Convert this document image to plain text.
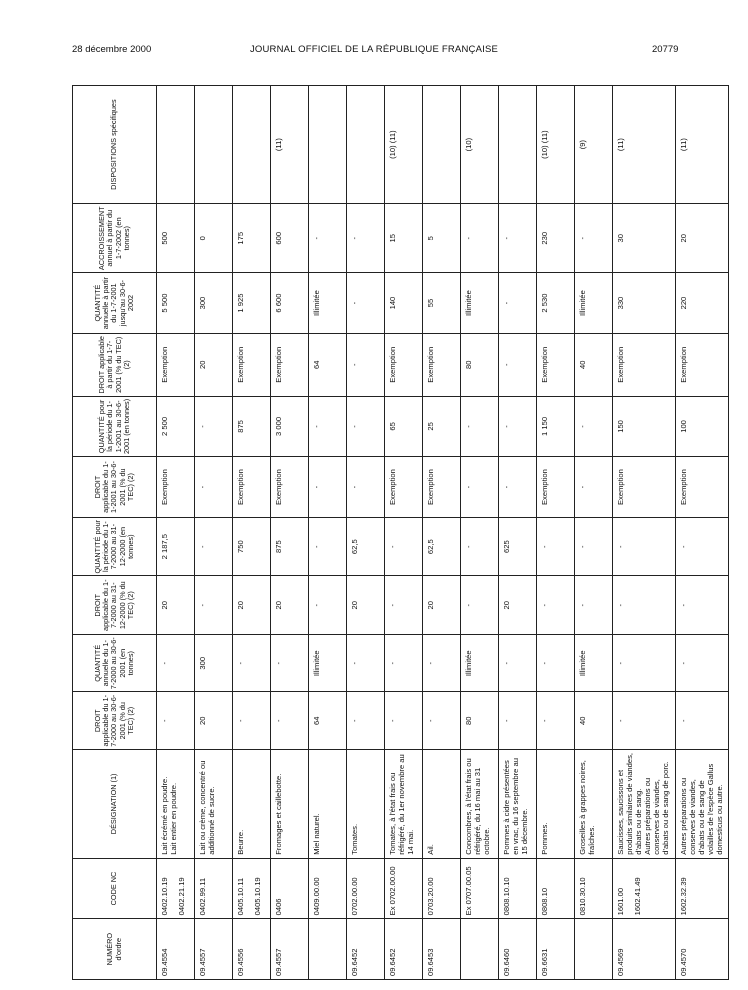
28 décembre 2000	JOURNAL OFFICIEL DE LA RÉPUBLIQUE FRANÇAISE	20779
NUMÉRO d'ordre	CODE NC	DÉSIGNATION (1)	DROIT applicable du 1-7-2000 au 30-6-2001 (% du TEC) (2)	QUANTITÉ annuelle du 1-7-2000 au 30-6-2001 (en tonnes)	DROIT applicable du 1-7-2000 au 31-12-2000 (% du TEC) (2)	QUANTITÉ pour la période du 1-7-2000 au 31-12-2000 (en tonnes)	DROIT applicable du 1-1-2001 au 30-6-2001 (% du TEC) (2)	QUANTITÉ pour la période du 1-1-2001 au 30-6-2001 (en tonnes)	DROIT applicable à partir du 1-7-2001 (% du TEC) (2)	QUANTITÉ annuelle à partir du 1-7-2001 jusqu'au 30-6-2002	ACCROISSEMENT annuel à partir du 1-7-2002 (en tonnes)	DISPOSITIONS spécifiques
09.4554	0402.10.19 0402.21.19	Lait écrémé en poudre. Lait entier en poudre.	-	-	20	2 187,5	Exemption	2 500	Exemption	5 500	500	
09.4557	0402.99.11	Lait ou crème, concentré ou additionné de sucre.	20	300	-	-	-	-	20	300	0	
09.4556	0405.10.11 0405.10.19	Beurre.	-	-	20	750	Exemption	875	Exemption	1 925	175	
09.4557	0406	Fromages et caillebotte.	-	-	20	875	Exemption	3 000	Exemption	6 600	600	(11)

	0409.00.00	Miel naturel.	64	Illimitée	-	-	-	-	64	Illimitée	-	
09.6452	0702.00.00	Tomates.	-	-	20	62,5	-	-	-	-	-	
09.6452	Ex 0702.00.00	Tomates, à l'état frais ou réfrigéré, du 1er novembre au 14 mai.	-	-	-	-	Exemption	65	Exemption	140	15	(10) (11)
09.6453	0703.20.00	Ail.	-	-	20	62,5	Exemption	25	Exemption	55	5	

	Ex 0707.00.05	Concombres, à l'état frais ou réfrigéré, du 16 mai au 31 octobre.	80	Illimitée	-	-	-	-	80	Illimitée	-	(10)
09.6460	0808.10.10	Pommes à cidre présentées en vrac, du 16 septembre au 15 décembre.	-	-	20	625	-	-	-	-	-	
09.6631	0808.10	Pommes.	-	-	-	-	Exemption	1 150	Exemption	2 530	230	(10) (11)

	0810.30.10	Groseilles à grappes noires, fraîches.	40	Illimitée	-	-	-	-	40	Illimitée	-	(9)
09.4569	1601.00 1602.41.49	Saucisses, saucissons et produits similaires de viandes, d'abats ou de sang. Autres préparations ou conserves de viandes, d'abats ou de sang de porc.	-	-	-	-	Exemption	150	Exemption	330	30	(11)
09.4570	1602.32.39	Autres préparations ou conserves de viandes, d'abats ou de sang de volailles de l'espèce Gallus domesticus ou autre.	-	-	-	-	Exemption	100	Exemption	220	20	(11)
